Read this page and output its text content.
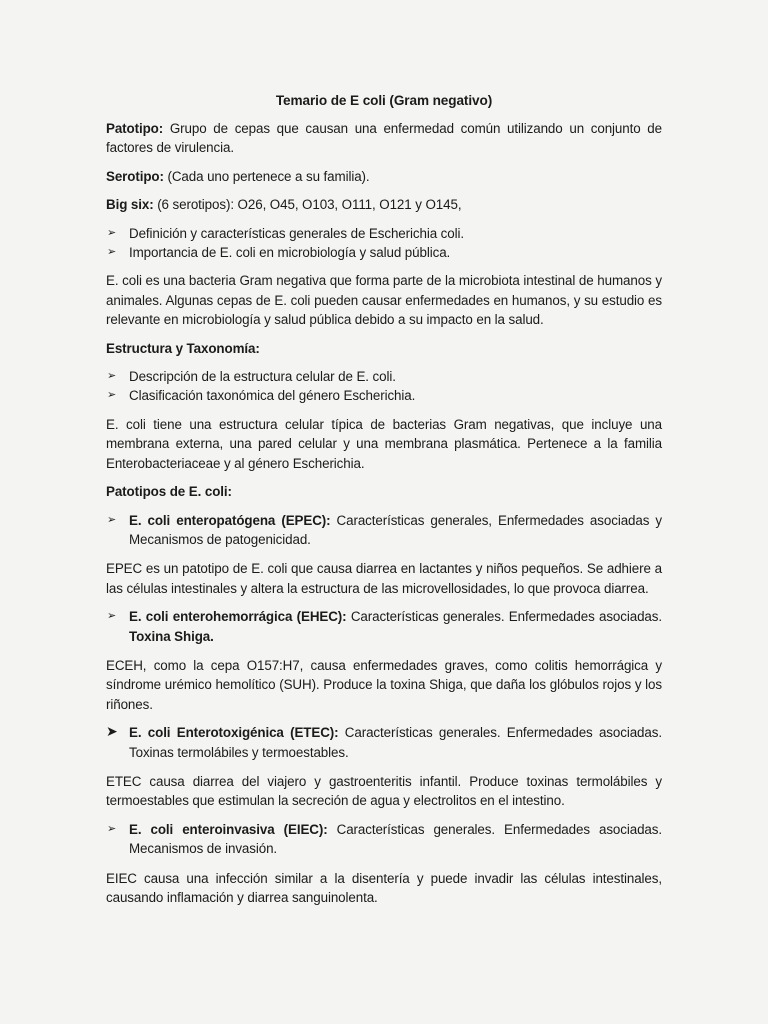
Temario de E coli (Gram negativo)

Patotipo: Grupo de cepas que causan una enfermedad común utilizando un conjunto de factores de virulencia.

Serotipo: (Cada uno pertenece a su familia).

Big six: (6 serotipos): O26, O45, O103, O111, O121 y O145,

➢ Definición y características generales de Escherichia coli.
➢ Importancia de E. coli en microbiología y salud pública.

E. coli es una bacteria Gram negativa que forma parte de la microbiota intestinal de humanos y animales. Algunas cepas de E. coli pueden causar enfermedades en humanos, y su estudio es relevante en microbiología y salud pública debido a su impacto en la salud.

Estructura y Taxonomía:

➢ Descripción de la estructura celular de E. coli.
➢ Clasificación taxonómica del género Escherichia.

E. coli tiene una estructura celular típica de bacterias Gram negativas, que incluye una membrana externa, una pared celular y una membrana plasmática. Pertenece a la familia Enterobacteriaceae y al género Escherichia.

Patotipos de E. coli:

➢ E. coli enteropatógena (EPEC): Características generales, Enfermedades asociadas y Mecanismos de patogenicidad.

EPEC es un patotipo de E. coli que causa diarrea en lactantes y niños pequeños. Se adhiere a las células intestinales y altera la estructura de las microvellosidades, lo que provoca diarrea.

➢ E. coli enterohemorrágica (EHEC): Características generales. Enfermedades asociadas. Toxina Shiga.

ECEH, como la cepa O157:H7, causa enfermedades graves, como colitis hemorrágica y síndrome urémico hemolítico (SUH). Produce la toxina Shiga, que daña los glóbulos rojos y los riñones.

➤ E. coli Enterotoxigénica (ETEC): Características generales. Enfermedades asociadas. Toxinas termolábiles y termoestables.

ETEC causa diarrea del viajero y gastroenteritis infantil. Produce toxinas termolábiles y termoestables que estimulan la secreción de agua y electrolitos en el intestino.

➢ E. coli enteroinvasiva (EIEC): Características generales. Enfermedades asociadas. Mecanismos de invasión.

EIEC causa una infección similar a la disentería y puede invadir las células intestinales, causando inflamación y diarrea sanguinolenta.
